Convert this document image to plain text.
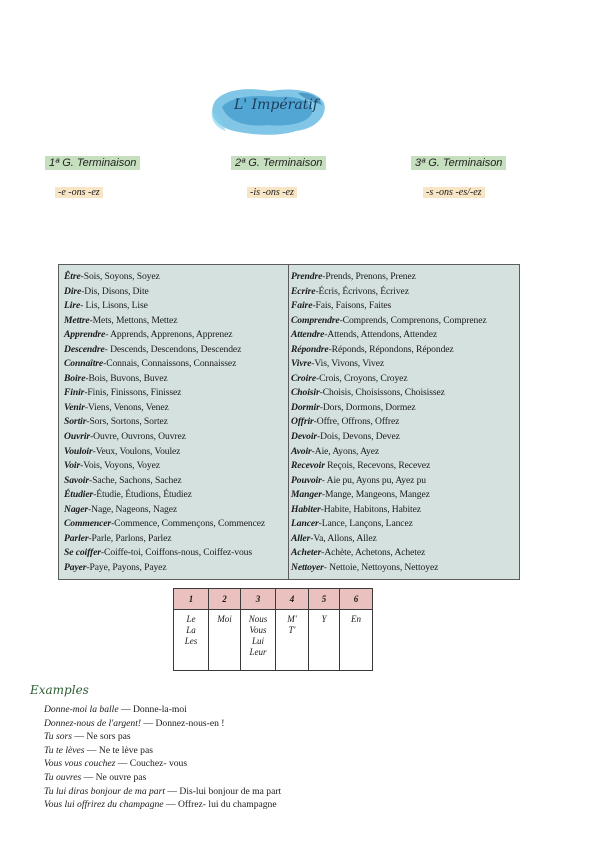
L' Impératif
1ª G. Terminaison
-e -ons -ez
2ª G. Terminaison
-is -ons -ez
3ª G. Terminaison
-s -ons -es/-ez
Être-Sois, Soyons, Soyez
Dire-Dis, Disons, Dite
Lire- Lis, Lisons, Lise
Mettre-Mets, Mettons, Mettez
Apprendre- Apprends, Apprenons, Apprenez
Descendre- Descends, Descendons, Descendez
Connaître-Connais, Connaissons, Connaissez
Boire-Bois, Buvons, Buvez
Finir-Finis, Finissons, Finissez
Venir-Viens, Venons, Venez
Sortir-Sors, Sortons, Sortez
Ouvrir-Ouvre, Ouvrons, Ouvrez
Vouloir-Veux, Voulons, Voulez
Voir-Vois, Voyons, Voyez
Savoir-Sache, Sachons, Sachez
Étudier-Étudie, Étudions, Étudiez
Nager-Nage, Nageons, Nagez
Commencer-Commence, Commençons, Commencez
Parler-Parle, Parlons, Parlez
Se coiffer-Coiffe-toi, Coiffons-nous, Coiffez-vous
Payer-Paye, Payons, Payez
Prendre-Prends, Prenons, Prenez
Ecrire-Écris, Écrivons, Écrivez
Faire-Fais, Faisons, Faites
Comprendre-Comprends, Comprenons, Comprenez
Attendre-Attends, Attendons, Attendez
Répondre-Réponds, Répondons, Répondez
Vivre-Vis, Vivons, Vivez
Croire-Crois, Croyons, Croyez
Choisir-Choisis, Choisissons, Choisissez
Dormir-Dors, Dormons, Dormez
Offrir-Offre, Offrons, Offrez
Devoir-Dois, Devons, Devez
Avoir-Aie, Ayons, Ayez
Recevoir Reçois, Recevons, Recevez
Pouvoir- Aie pu, Ayons pu, Ayez pu
Manger-Mange, Mangeons, Mangez
Habiter-Habite, Habitons, Habitez
Lancer-Lance, Lançons, Lancez
Aller-Va, Allons, Allez
Acheter-Achète, Achetons, Achetez
Nettoyer- Nettoie, Nettoyons, Nettoyez
1	2	3	4	5	6

Le La Les	Moi	Nous Vous Lui Leur	M' T'	Y	En
Examples
Donne-moi la balle — Donne-la-moi
Donnez-nous de l'argent! — Donnez-nous-en !
Tu sors — Ne sors pas
Tu te lèves — Ne te lève pas
Vous vous couchez — Couchez- vous
Tu ouvres — Ne ouvre pas
Tu lui diras bonjour de ma part — Dis-lui bonjour de ma part
Vous lui offrirez du champagne — Offrez- lui du champagne
